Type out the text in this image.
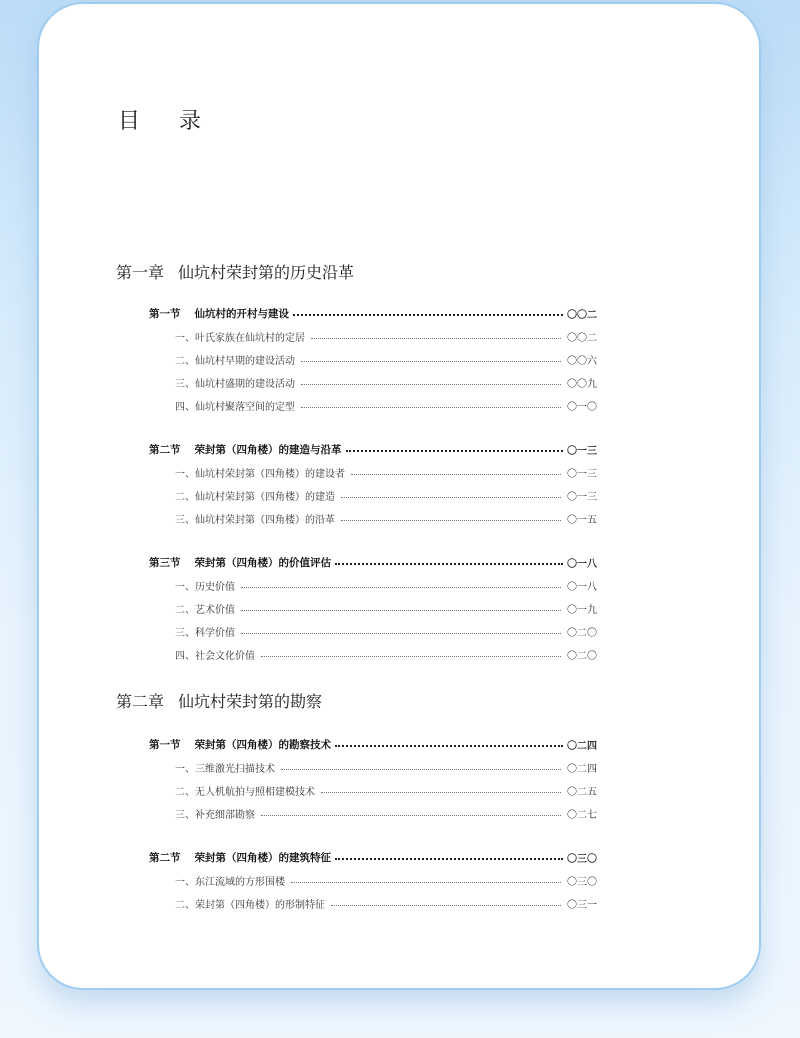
目 录
第一章 仙坑村荣封第的历史沿革
第一节 仙坑村的开村与建设	〇〇二
一、叶氏家族在仙坑村的定居	〇〇二
二、仙坑村早期的建设活动	〇〇六
三、仙坑村盛期的建设活动	〇〇九
四、仙坑村聚落空间的定型	〇一〇
第二节 荣封第（四角楼）的建造与沿革	〇一三
一、仙坑村荣封第（四角楼）的建设者	〇一三
二、仙坑村荣封第（四角楼）的建造	〇一三
三、仙坑村荣封第（四角楼）的沿革	〇一五
第三节 荣封第（四角楼）的价值评估	〇一八
一、历史价值	〇一八
二、艺术价值	〇一九
三、科学价值	〇二〇
四、社会文化价值	〇二〇
第二章 仙坑村荣封第的勘察
第一节 荣封第（四角楼）的勘察技术	〇二四
一、三维激光扫描技术	〇二四
二、无人机航拍与照相建模技术	〇二五
三、补充细部勘察	〇二七
第二节 荣封第（四角楼）的建筑特征	〇三〇
一、东江流域的方形围楼	〇三〇
二、荣封第（四角楼）的形制特征	〇三一
